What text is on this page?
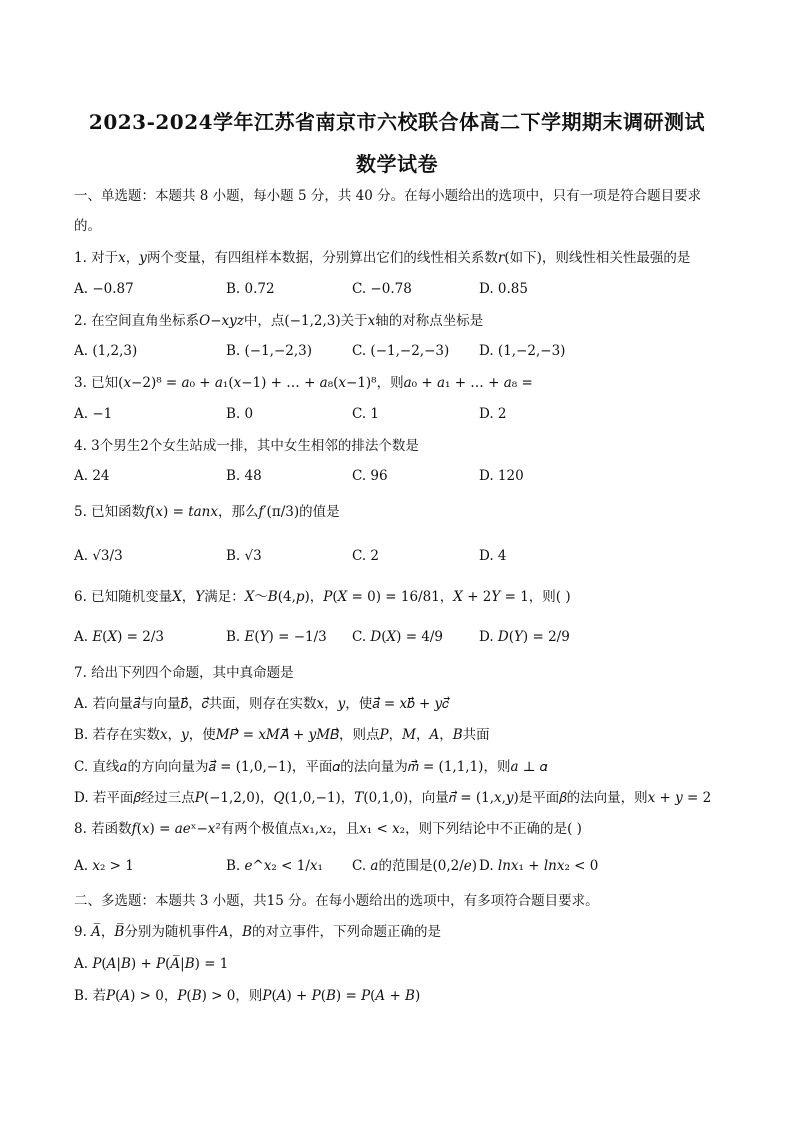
2023-2024学年江苏省南京市六校联合体高二下学期期末调研测试
数学试卷
一、单选题：本题共 8 小题，每小题 5 分，共 40 分。在每小题给出的选项中，只有一项是符合题目要求
的。
1. 对于𝑥，𝑦两个变量，有四组样本数据，分别算出它们的线性相关系数𝑟(如下)，则线性相关性最强的是
A. −0.87	B. 0.72	C. −0.78	D. 0.85
2. 在空间直角坐标系𝑂−𝑥𝑦𝑧中，点(−1,2,3)关于𝑥轴的对称点坐标是
A. (1,2,3)	B. (−1,−2,3)	C. (−1,−2,−3) D. (1,−2,−3)
3. 已知(𝑥−2)⁸ = 𝑎₀ + 𝑎₁(𝑥−1) + … + 𝑎₈(𝑥−1)⁸，则𝑎₀ + 𝑎₁ + … + 𝑎₈ =
A. −1	B. 0	C. 1	D. 2
4. 3个男生2个女生站成一排，其中女生相邻的排法个数是
A. 24	B. 48	C. 96	D. 120
5. 已知函数𝑓(𝑥) = 𝑡𝑎𝑛𝑥，那么𝑓′(π/3)的值是
A. √3/3	B. √3	C. 2	D. 4
6. 已知随机变量𝑋，𝑌满足：𝑋～𝐵(4,𝑝)，𝑃(𝑋 = 0) = 16/81，𝑋 + 2𝑌 = 1，则( )
A. 𝐸(𝑋) = 2/3	B. 𝐸(𝑌) = −1/3 C. 𝐷(𝑋) = 4/9	D. 𝐷(𝑌) = 2/9
7. 给出下列四个命题，其中真命题是
A. 若向量𝑎⃗与向量𝑏⃗，𝑐⃗共面，则存在实数𝑥，𝑦，使𝑎⃗ = 𝑥𝑏⃗ + 𝑦𝑐⃗
B. 若存在实数𝑥，𝑦，使𝑀𝑃⃗ = 𝑥𝑀𝐴⃗ + 𝑦𝑀𝐵⃗，则点𝑃，𝑀，𝐴，𝐵共面
C. 直线𝑎的方向向量为𝑎⃗ = (1,0,−1)，平面𝛼的法向量为𝑚⃗ = (1,1,1)，则𝑎 ⊥ 𝛼
D. 若平面𝛽经过三点𝑃(−1,2,0)，𝑄(1,0,−1)，𝑇(0,1,0)，向量𝑛⃗ = (1,𝑥,𝑦)是平面𝛽的法向量，则𝑥 + 𝑦 = 2
8. 若函数𝑓(𝑥) = 𝑎𝑒ˣ−𝑥²有两个极值点𝑥₁,𝑥₂，且𝑥₁ < 𝑥₂，则下列结论中不正确的是( )
A. 𝑥₂ > 1	B. 𝑒^𝑥₂ < 1/𝑥₁ C. 𝑎的范围是(0,2/𝑒) D. 𝑙𝑛𝑥₁ + 𝑙𝑛𝑥₂ < 0
二、多选题：本题共 3 小题，共15 分。在每小题给出的选项中，有多项符合题目要求。
9. 𝐴̅，𝐵̅分别为随机事件𝐴，𝐵的对立事件，下列命题正确的是
A. 𝑃(𝐴|𝐵) + 𝑃(𝐴̅|𝐵) = 1
B. 若𝑃(𝐴) > 0，𝑃(𝐵) > 0，则𝑃(𝐴) + 𝑃(𝐵) = 𝑃(𝐴 + 𝐵)
